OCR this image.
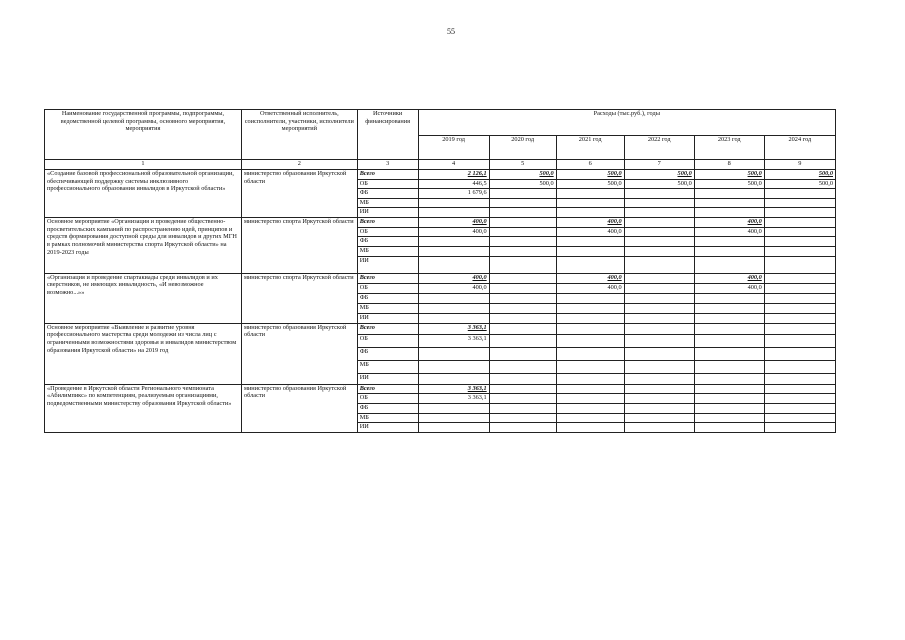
55
Наименование государственной программы, подпрограммы, ведомственной целевой программы, основного мероприятия, мероприятия	Ответственный исполнитель, соисполнители, участники, исполнители мероприятий	Источники финансирования	Расходы (тыс.руб.), годы					
			2019 год	2020 год	2021 год	2022 год	2023 год	2024 год
1	2	3	4	5	6	7	8	9
«Создание базовой профессиональной образовательной организации, обеспечивающей поддержку системы инклюзивного профессионального образования инвалидов в Иркутской области»	министерство образования Иркутской области	Всего	2 126,1	500,0	500,0	500,0	500,0	500,0
		ОБ	446,5	500,0	500,0	500,0	500,0	500,0
		ФБ	1 679,6					
		МБ						
		ИИ						
Основное мероприятие «Организация и проведение общественно-просветительских кампаний по распространению идей, принципов и средств формирования доступной среды для инвалидов и других МГН в рамках полномочий министерства спорта Иркутской области» на 2019-2023 годы	министерство спорта Иркутской области	Всего	400,0		400,0		400,0	
		ОБ	400,0		400,0		400,0	
		ФБ						
		МБ						
		ИИ						
«Организация и проведение спартакиады среди инвалидов и их сверстников, не имеющих инвалидность, «И невозможное возможно...»»	министерство спорта Иркутской области	Всего	400,0		400,0		400,0	
		ОБ	400,0		400,0		400,0	
		ФБ						
		МБ						
		ИИ						
Основное мероприятие «Выявление и развитие уровня профессионального мастерства среди молодежи из числа лиц с ограниченными возможностями здоровья и инвалидов министерством образования Иркутской области» на 2019 год	министерство образования Иркутской области	Всего	3 363,1					
		ОБ	3 363,1					
		ФБ						
		МБ						
		ИИ						
«Проведение в Иркутской области Регионального чемпионата «Абилимпикс» по компетенциям, реализуемым организациями, подведомственными министерству образования Иркутской области»	министерство образования Иркутской области	Всего	3 363,1					
		ОБ	3 363,1					
		ФБ						
		МБ						
		ИИ						
